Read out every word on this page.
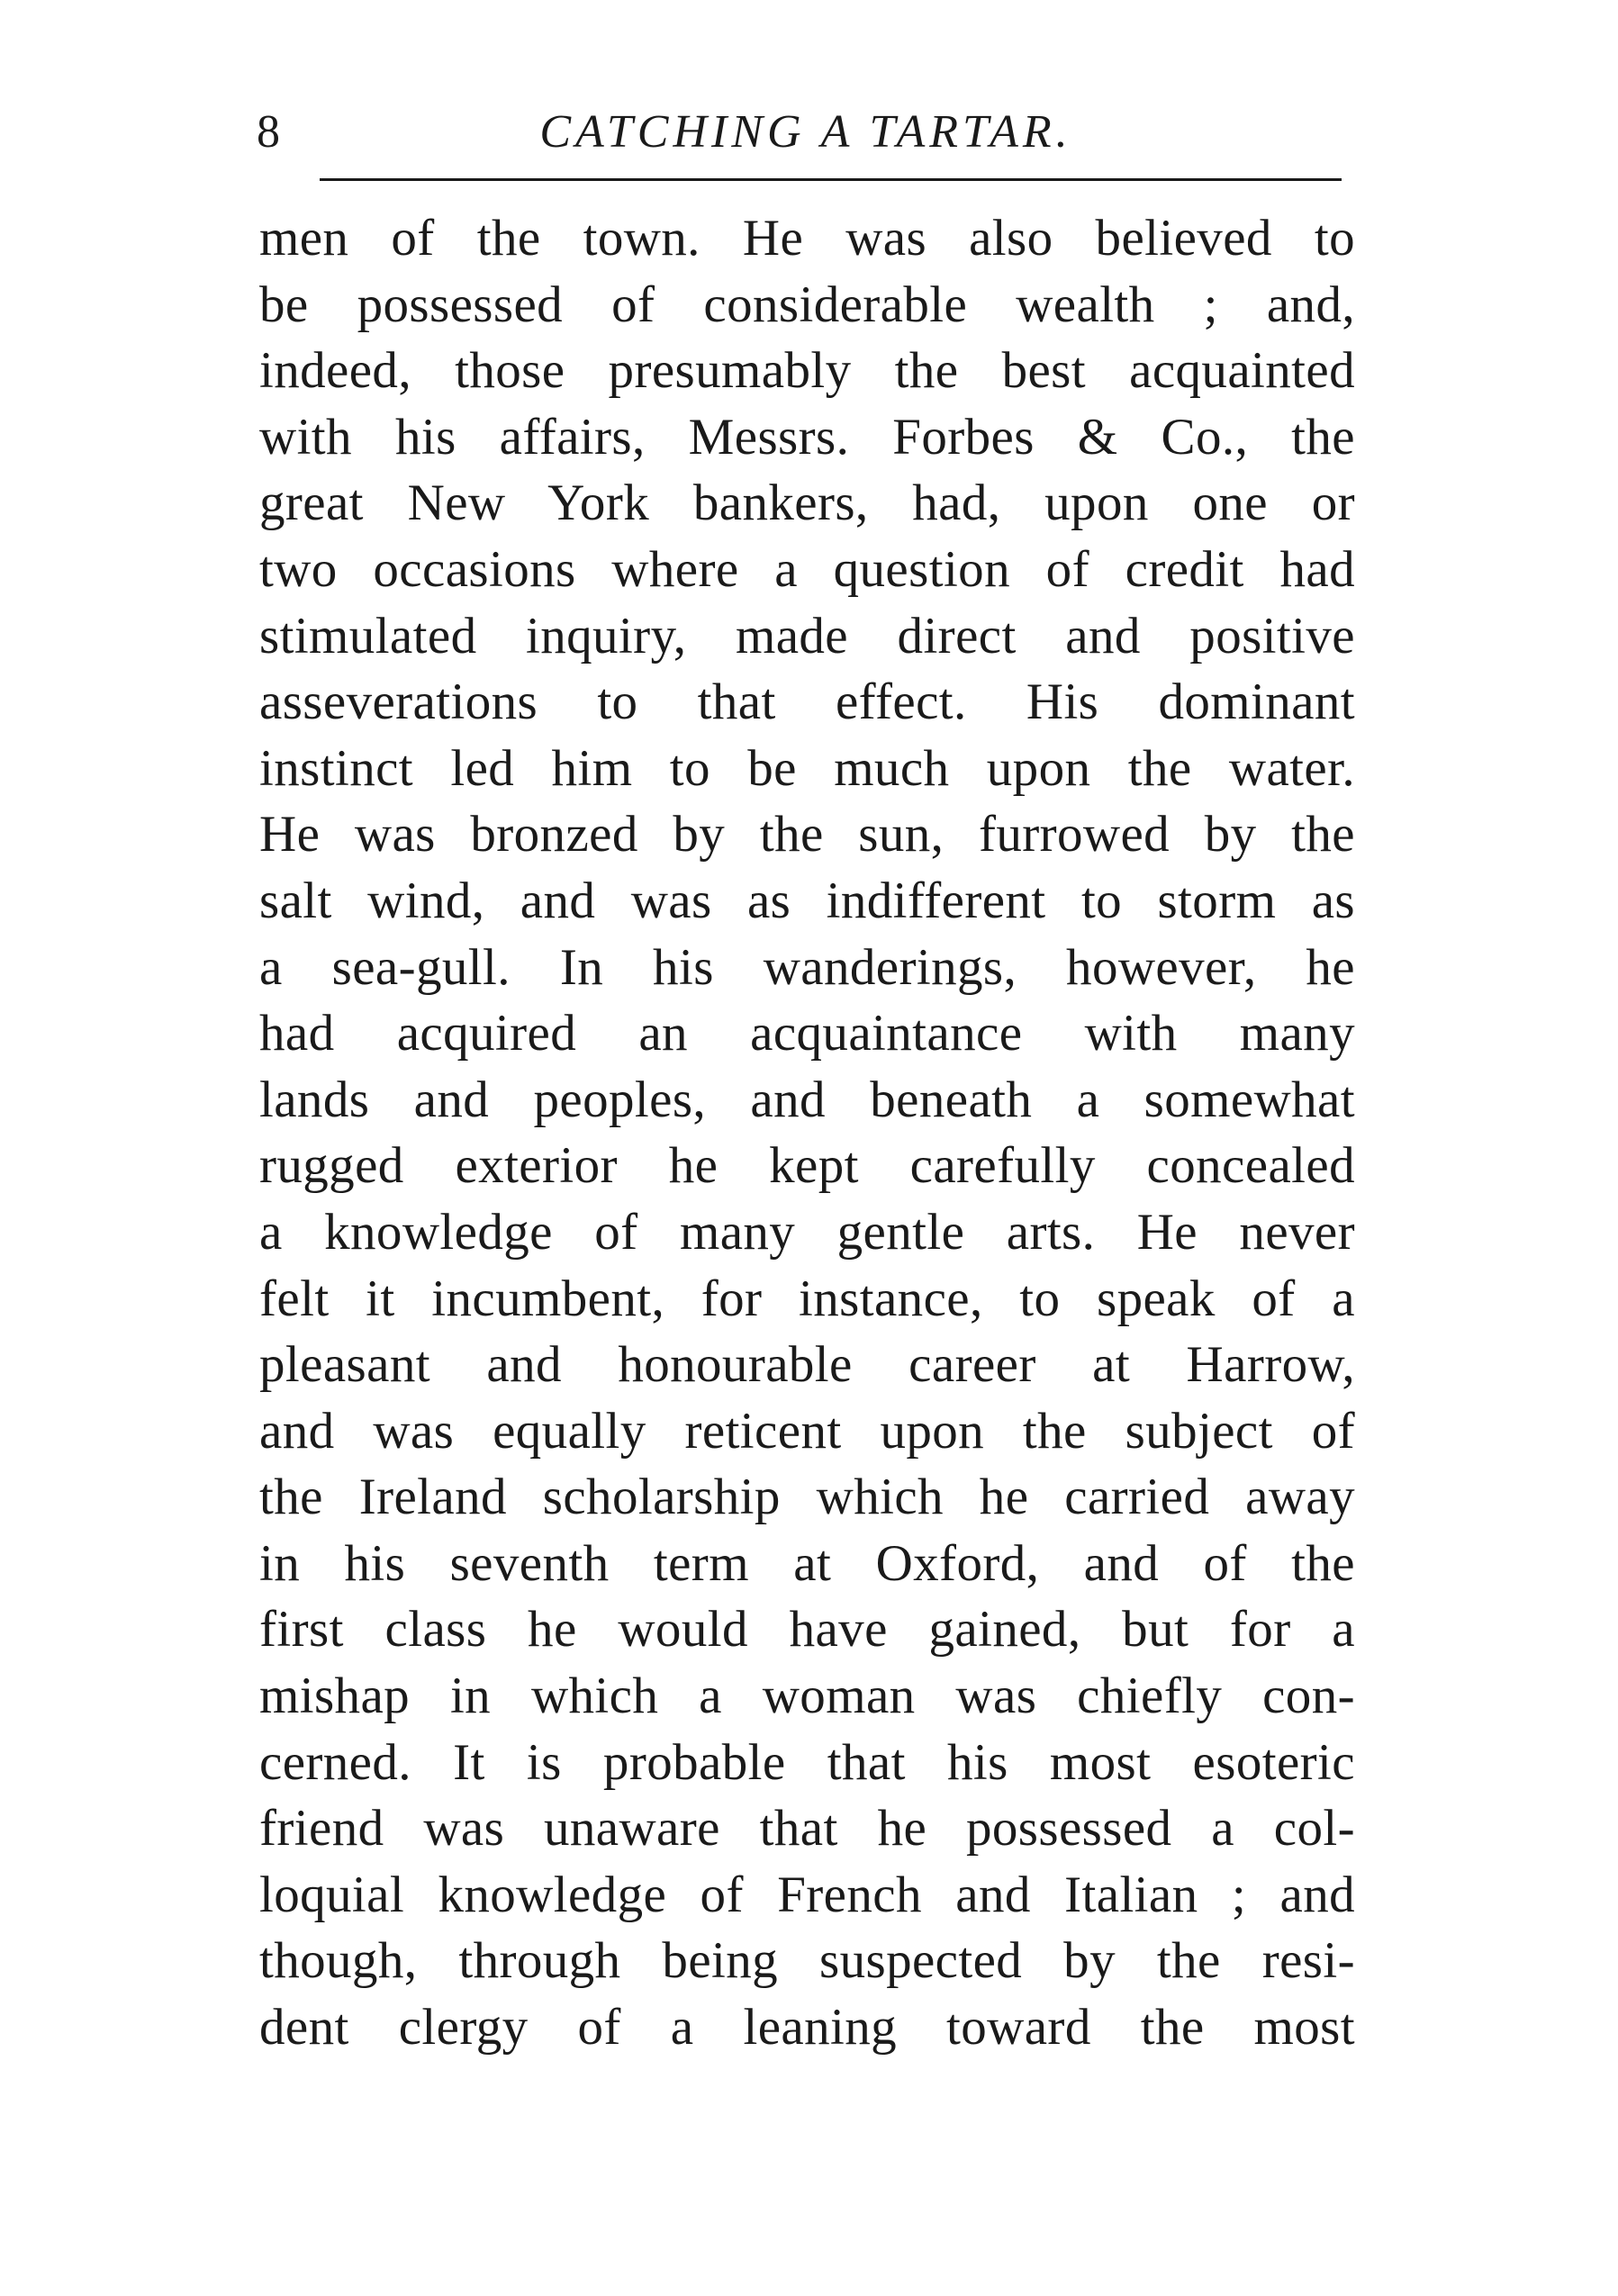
8	CATCHING A TARTAR.
men of the town. He was also believed to
be possessed of considerable wealth ; and,
indeed, those presumably the best acquainted
with his affairs, Messrs. Forbes & Co., the
great New York bankers, had, upon one or
two occasions where a question of credit had
stimulated inquiry, made direct and positive
asseverations to that effect. His dominant
instinct led him to be much upon the water.
He was bronzed by the sun, furrowed by the
salt wind, and was as indifferent to storm as
a sea-gull. In his wanderings, however, he
had acquired an acquaintance with many
lands and peoples, and beneath a somewhat
rugged exterior he kept carefully concealed
a knowledge of many gentle arts. He never
felt it incumbent, for instance, to speak of a
pleasant and honourable career at Harrow,
and was equally reticent upon the subject of
the Ireland scholarship which he carried away
in his seventh term at Oxford, and of the
first class he would have gained, but for a
mishap in which a woman was chiefly con-
cerned. It is probable that his most esoteric
friend was unaware that he possessed a col-
loquial knowledge of French and Italian ; and
though, through being suspected by the resi-
dent clergy of a leaning toward the most
